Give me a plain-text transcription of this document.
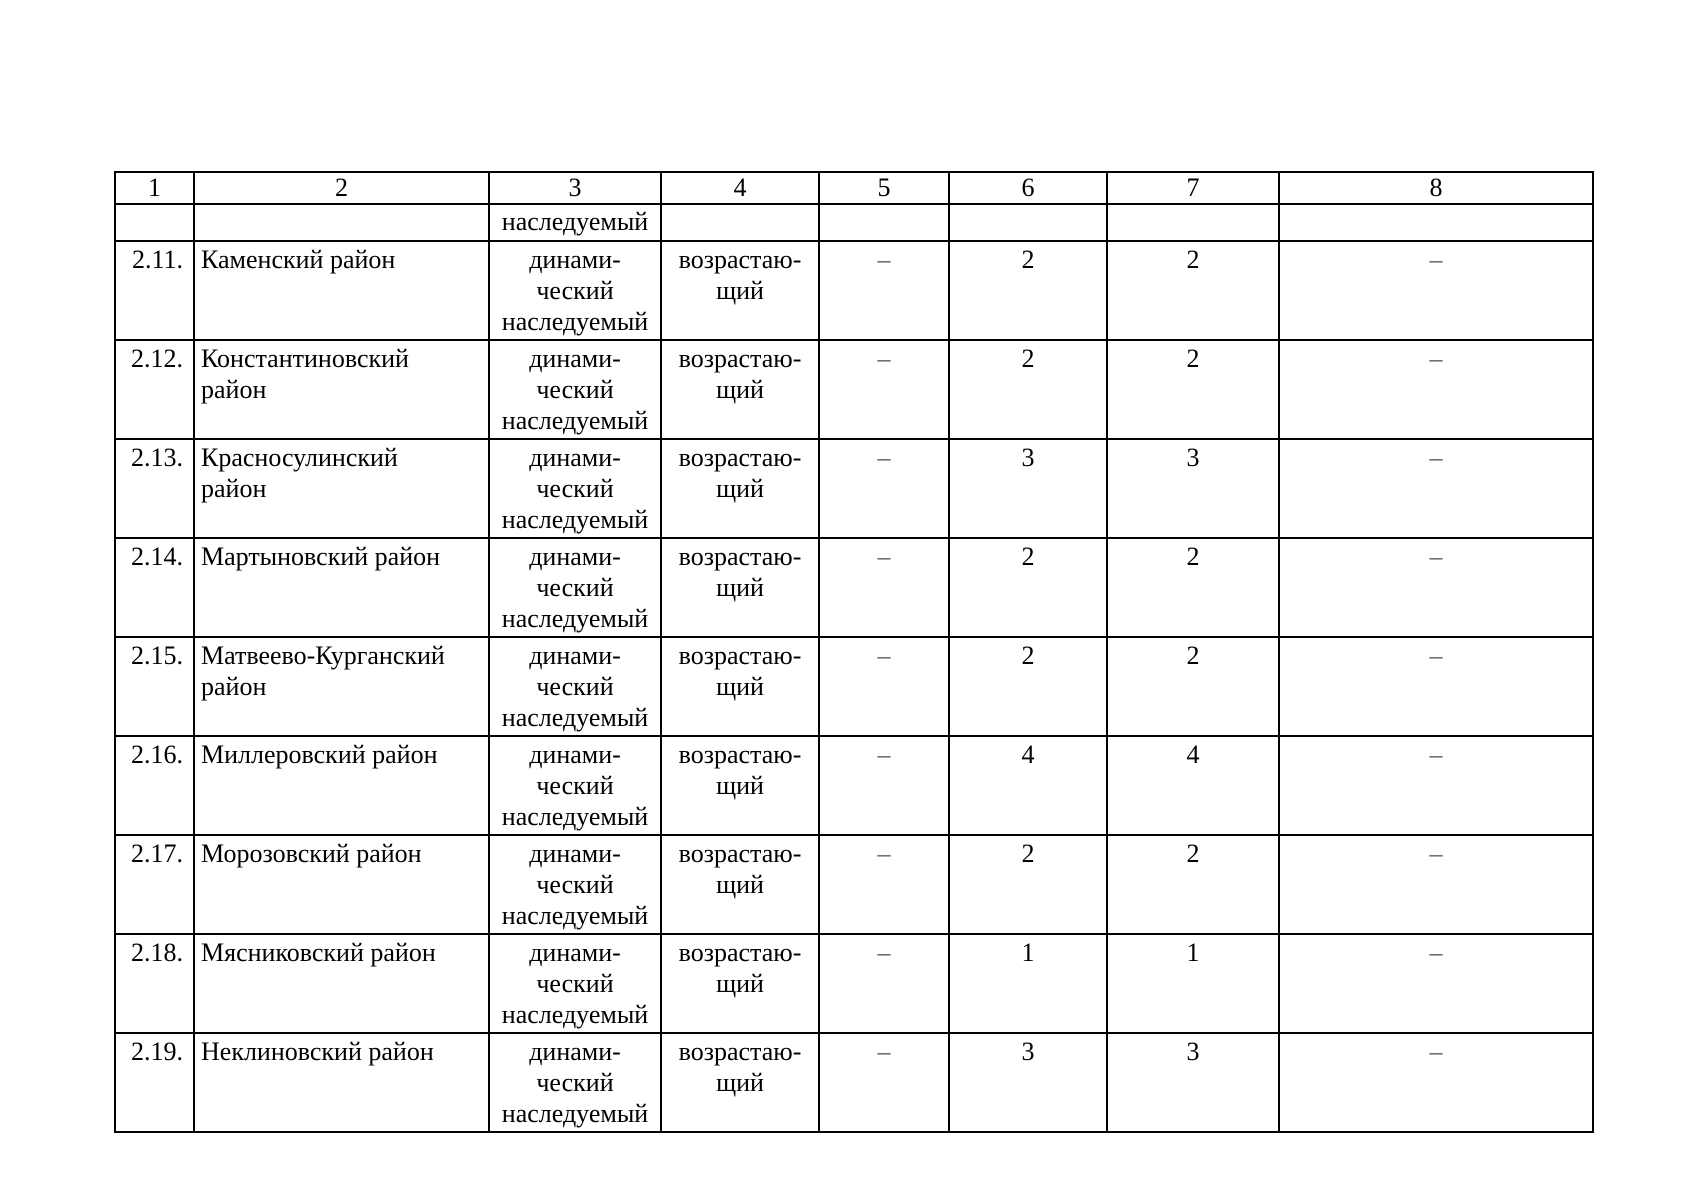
1	2	3	4	5	6	7	8

		наследуемый					

2.11.	Каменский район	динами-
ческий
наследуемый	возрастаю-
щий	–	2	2	–
2.12.	Константиновский
район	динами-
ческий
наследуемый	возрастаю-
щий	–	2	2	–
2.13.	Красносулинский
район	динами-
ческий
наследуемый	возрастаю-
щий	–	3	3	–
2.14.	Мартыновский район	динами-
ческий
наследуемый	возрастаю-
щий	–	2	2	–
2.15.	Матвеево-Курганский
район	динами-
ческий
наследуемый	возрастаю-
щий	–	2	2	–
2.16.	Миллеровский район	динами-
ческий
наследуемый	возрастаю-
щий	–	4	4	–
2.17.	Морозовский район	динами-
ческий
наследуемый	возрастаю-
щий	–	2	2	–
2.18.	Мясниковский район	динами-
ческий
наследуемый	возрастаю-
щий	–	1	1	–
2.19.	Неклиновский район	динами-
ческий
наследуемый	возрастаю-
щий	–	3	3	–
